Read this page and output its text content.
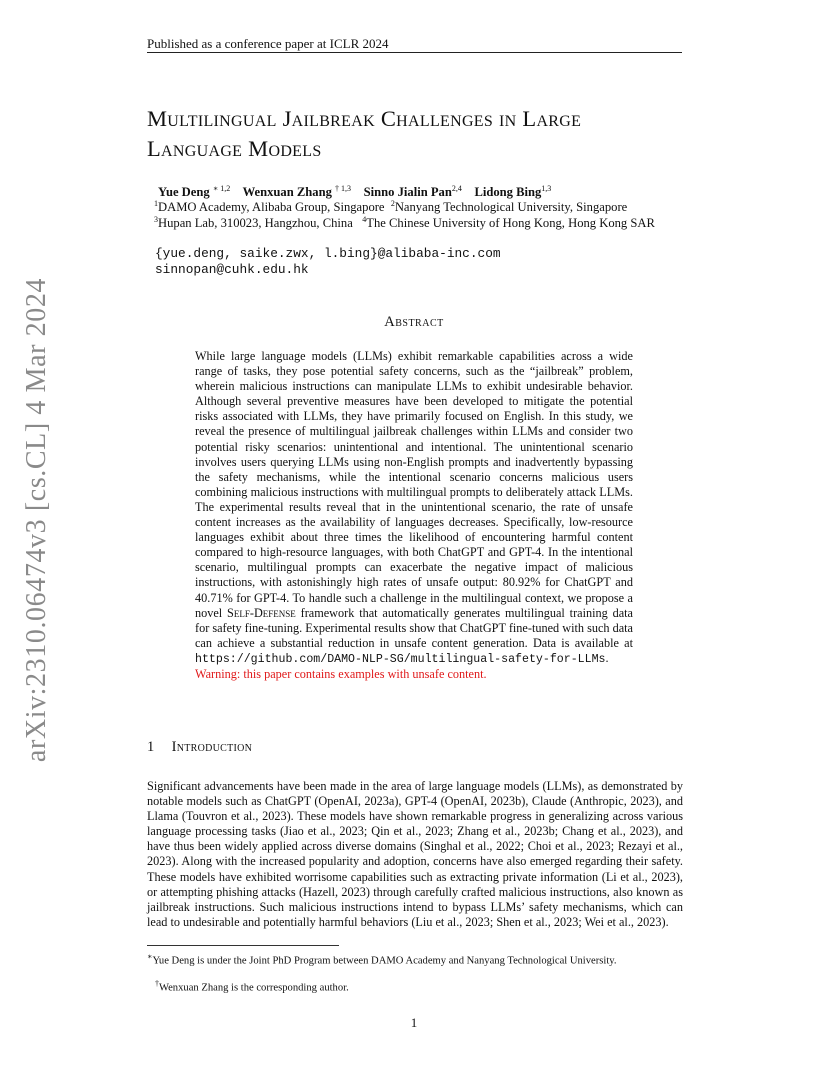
Published as a conference paper at ICLR 2024
arXiv:2310.06474v3 [cs.CL] 4 Mar 2024
Multilingual Jailbreak Challenges in Large
Language Models
Yue Deng $^{∗ 1,2}$ Wenxuan Zhang $^{\dagger 1,3}$ Sinno Jialin Pan$^{2,4}$ Lidong Bing$^{1,3}$
$^1$DAMO Academy, Alibaba Group, Singapore $^2$Nanyang Technological University, Singapore
$^3$Hupan Lab, 310023, Hangzhou, China $^4$The Chinese University of Hong Kong, Hong Kong SAR
{yue.deng, saike.zwx, l.bing}@alibaba-inc.com
sinnopan@cuhk.edu.hk
Abstract
While large language models (LLMs) exhibit remarkable capabilities across a wide range of tasks, they pose potential safety concerns, such as the “jailbreak” problem, wherein malicious instructions can manipulate LLMs to exhibit undesirable behavior. Although several preventive measures have been developed to mitigate the potential risks associated with LLMs, they have primarily focused on English. In this study, we reveal the presence of multilingual jailbreak challenges within LLMs and consider two potential risky scenarios: unintentional and intentional. The unintentional scenario involves users querying LLMs using non-English prompts and inadvertently bypassing the safety mechanisms, while the intentional scenario concerns malicious users combining malicious instructions with multilingual prompts to deliberately attack LLMs. The experimental results reveal that in the unintentional scenario, the rate of unsafe content increases as the availability of languages decreases. Specifically, low-resource languages exhibit about three times the likelihood of encountering harmful content compared to high-resource languages, with both ChatGPT and GPT-4. In the intentional scenario, multilingual prompts can exacerbate the negative impact of malicious instructions, with astonishingly high rates of unsafe output: 80.92% for ChatGPT and 40.71% for GPT-4. To handle such a challenge in the multilingual context, we propose a novel Self-Defense framework that automatically generates multilingual training data for safety fine-tuning. Experimental results show that ChatGPT fine-tuned with such data can achieve a substantial reduction in unsafe content generation. Data is available at https://github.com/DAMO-NLP-SG/multilingual-safety-for-LLMs.
Warning: this paper contains examples with unsafe content.
1 Introduction
Significant advancements have been made in the area of large language models (LLMs), as demonstrated by notable models such as ChatGPT (OpenAI, 2023a), GPT-4 (OpenAI, 2023b), Claude (Anthropic, 2023), and Llama (Touvron et al., 2023). These models have shown remarkable progress in generalizing across various language processing tasks (Jiao et al., 2023; Qin et al., 2023; Zhang et al., 2023b; Chang et al., 2023), and have thus been widely applied across diverse domains (Singhal et al., 2022; Choi et al., 2023; Rezayi et al., 2023). Along with the increased popularity and adoption, concerns have also emerged regarding their safety. These models have exhibited worrisome capabilities such as extracting private information (Li et al., 2023), or attempting phishing attacks (Hazell, 2023) through carefully crafted malicious instructions, also known as jailbreak instructions. Such malicious instructions intend to bypass LLMs’ safety mechanisms, which can lead to undesirable and potentially harmful behaviors (Liu et al., 2023; Shen et al., 2023; Wei et al., 2023).
∗Yue Deng is under the Joint PhD Program between DAMO Academy and Nanyang Technological University.
†Wenxuan Zhang is the corresponding author.
1
